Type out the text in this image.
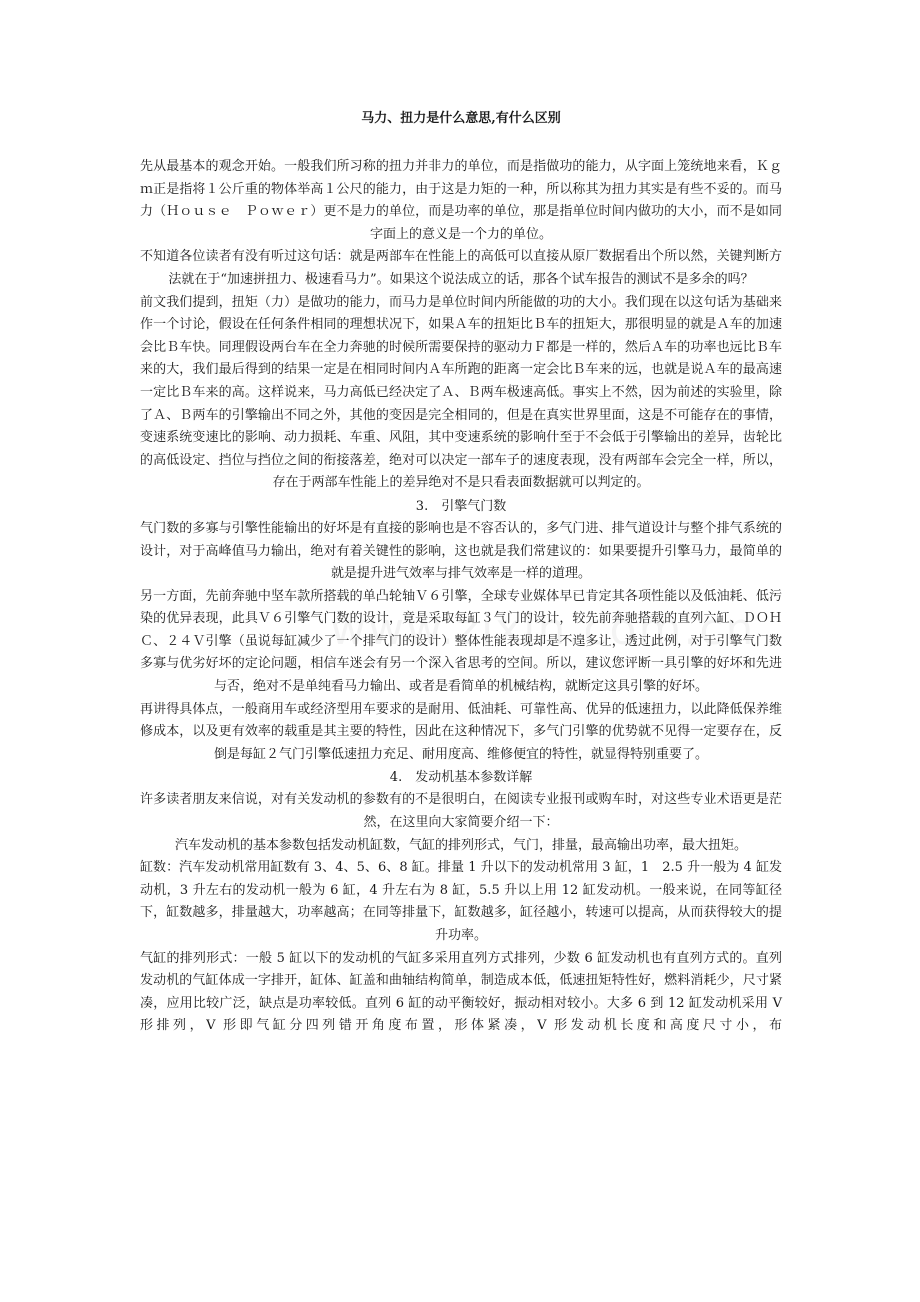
马力、扭力是什么意思,有什么区别

先从最基本的观念开始。一般我们所习称的扭力并非力的单位，而是指做功的能力，从字面上笼统地来看，Ｋｇｍ正是指将１公斤重的物体举高１公尺的能力，由于这是力矩的一种，所以称其为扭力其实是有些不妥的。而马力（Ｈｏｕｓｅ　Ｐｏｗｅｒ）更不是力的单位，而是功率的单位，那是指单位时间内做功的大小，而不是如同字面上的意义是一个力的单位。

不知道各位读者有没有听过这句话：就是两部车在性能上的高低可以直接从原厂数据看出个所以然，关键判断方法就在于“加速拼扭力、极速看马力”。如果这个说法成立的话，那各个试车报告的测试不是多余的吗？

前文我们提到，扭矩（力）是做功的能力，而马力是单位时间内所能做的功的大小。我们现在以这句话为基础来作一个讨论，假设在任何条件相同的理想状况下，如果Ａ车的扭矩比Ｂ车的扭矩大，那很明显的就是Ａ车的加速会比Ｂ车快。同理假设两台车在全力奔驰的时候所需要保持的驱动力Ｆ都是一样的，然后Ａ车的功率也远比Ｂ车来的大，我们最后得到的结果一定是在相同时间内Ａ车所跑的距离一定会比Ｂ车来的远，也就是说Ａ车的最高速一定比Ｂ车来的高。这样说来，马力高低已经决定了Ａ、Ｂ两车极速高低。事实上不然，因为前述的实验里，除了Ａ、Ｂ两车的引擎输出不同之外，其他的变因是完全相同的，但是在真实世界里面，这是不可能存在的事情，变速系统变速比的影响、动力损耗、车重、风阻，其中变速系统的影响什至于不会低于引擎输出的差异，齿轮比的高低设定、挡位与挡位之间的衔接落差，绝对可以决定一部车子的速度表现，没有两部车会完全一样，所以，存在于两部车性能上的差异绝对不是只看表面数据就可以判定的。

3.　引擎气门数

气门数的多寡与引擎性能输出的好坏是有直接的影响也是不容否认的，多气门进、排气道设计与整个排气系统的设计，对于高峰值马力输出，绝对有着关键性的影响，这也就是我们常建议的：如果要提升引擎马力，最简单的就是提升进气效率与排气效率是一样的道理。

另一方面，先前奔驰中坚车款所搭载的单凸轮轴Ｖ６引擎，全球专业媒体早已肯定其各项性能以及低油耗、低污染的优异表现，此具Ｖ６引擎气门数的设计，竟是采取每缸３气门的设计，较先前奔驰搭载的直列六缸、ＤＯＨＣ、２４Ｖ引擎（虽说每缸减少了一个排气门的设计）整体性能表现却是不遑多让，透过此例，对于引擎气门数多寡与优劣好坏的定论问题，相信车迷会有另一个深入省思考的空间。所以，建议您评断一具引擎的好坏和先进与否，绝对不是单纯看马力输出、或者是看简单的机械结构，就断定这具引擎的好坏。

再讲得具体点，一般商用车或经济型用车要求的是耐用、低油耗、可靠性高、优异的低速扭力，以此降低保养维修成本，以及更有效率的载重是其主要的特性，因此在这种情况下，多气门引擎的优势就不见得一定要存在，反倒是每缸２气门引擎低速扭力充足、耐用度高、维修便宜的特性，就显得特别重要了。

4.　发动机基本参数详解

许多读者朋友来信说，对有关发动机的参数有的不是很明白，在阅读专业报刊或购车时，对这些专业术语更是茫然，在这里向大家简要介绍一下：

汽车发动机的基本参数包括发动机缸数，气缸的排列形式，气门，排量，最高输出功率，最大扭矩。

缸数：汽车发动机常用缸数有 3、4、5、6、8 缸。排量 1 升以下的发动机常用 3 缸，1　2.5 升一般为 4 缸发动机，3 升左右的发动机一般为 6 缸，4 升左右为 8 缸，5.5 升以上用 12 缸发动机。一般来说，在同等缸径下，缸数越多，排量越大，功率越高；在同等排量下，缸数越多，缸径越小，转速可以提高，从而获得较大的提升功率。

气缸的排列形式：一般 5 缸以下的发动机的气缸多采用直列方式排列，少数 6 缸发动机也有直列方式的。直列发动机的气缸体成一字排开，缸体、缸盖和曲轴结构简单，制造成本低，低速扭矩特性好，燃料消耗少，尺寸紧凑，应用比较广泛，缺点是功率较低。直列 6 缸的动平衡较好，振动相对较小。大多 6 到 12 缸发动机采用 V 形排列，V 形即气缸分四列错开角度布置，形体紧凑，V 形发动机长度和高度尺寸小，布
